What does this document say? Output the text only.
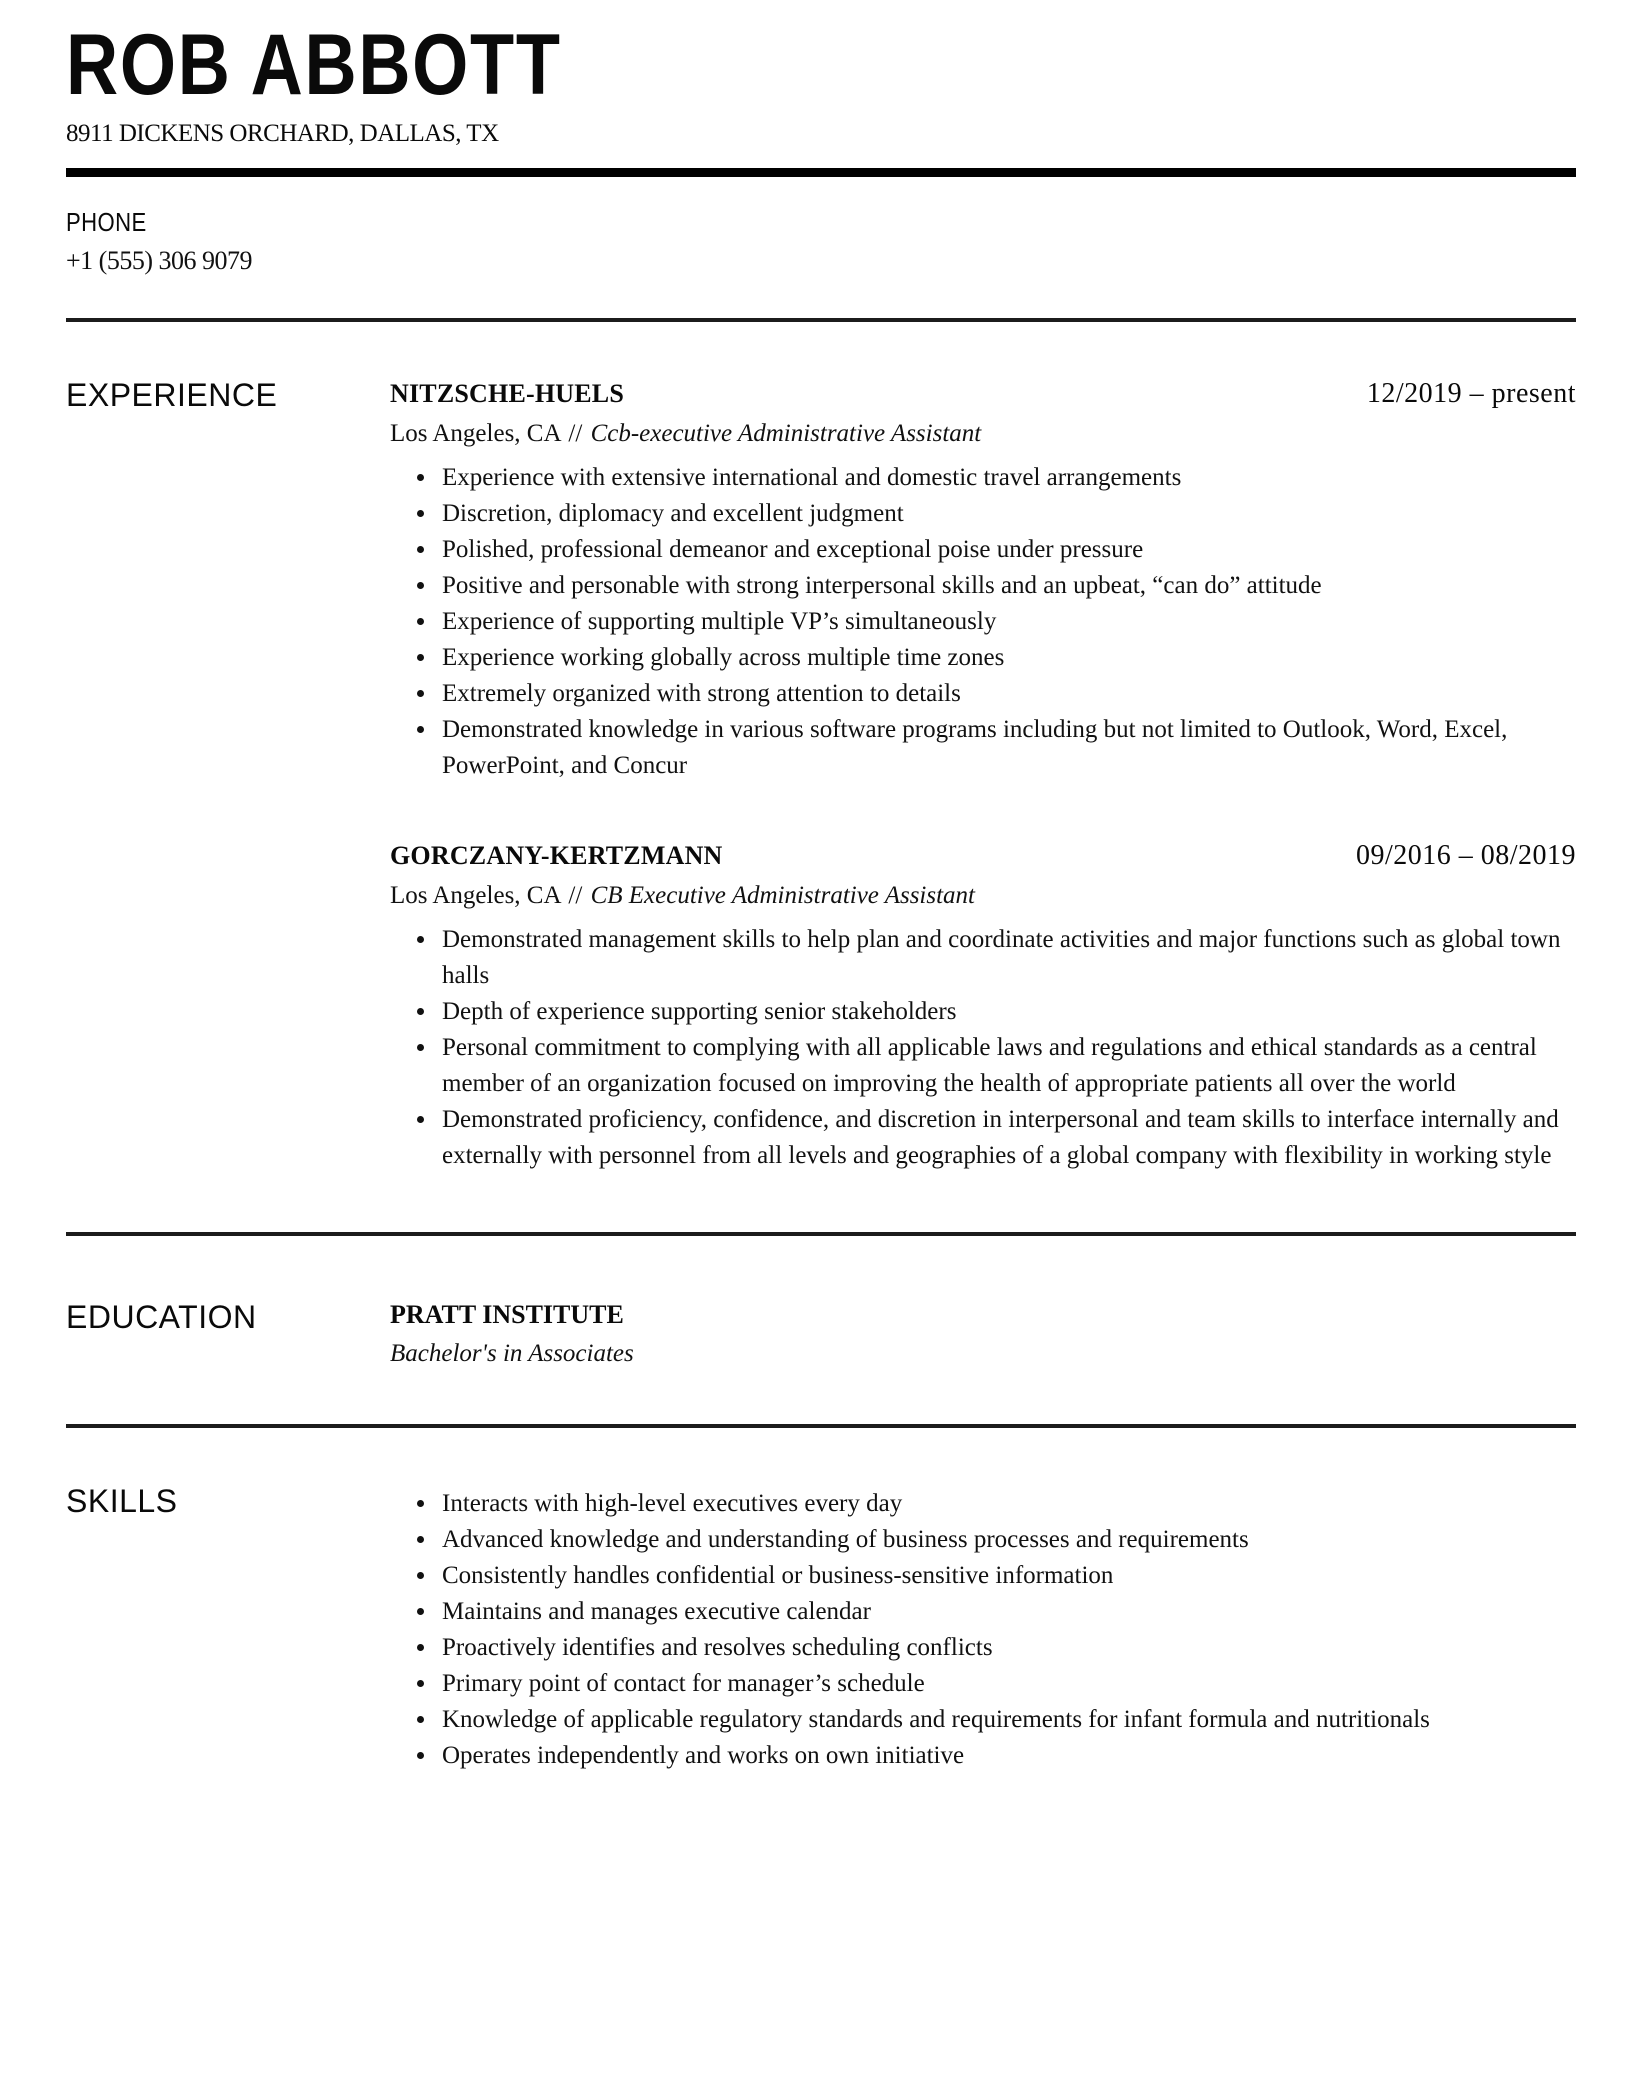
ROB ABBOTT
8911 DICKENS ORCHARD, DALLAS, TX
PHONE
+1 (555) 306 9079
EXPERIENCE	NITZSCHE-HUELS	12/2019 – present
Los Angeles, CA // Ccb-executive Administrative Assistant
• Experience with extensive international and domestic travel arrangements
• Discretion, diplomacy and excellent judgment
• Polished, professional demeanor and exceptional poise under pressure
• Positive and personable with strong interpersonal skills and an upbeat, “can do” attitude
• Experience of supporting multiple VP’s simultaneously
• Experience working globally across multiple time zones
• Extremely organized with strong attention to details
• Demonstrated knowledge in various software programs including but not limited to Outlook, Word, Excel, PowerPoint, and Concur
GORCZANY-KERTZMANN	09/2016 – 08/2019
Los Angeles, CA // CB Executive Administrative Assistant
• Demonstrated management skills to help plan and coordinate activities and major functions such as global town halls
• Depth of experience supporting senior stakeholders
• Personal commitment to complying with all applicable laws and regulations and ethical standards as a central member of an organization focused on improving the health of appropriate patients all over the world
• Demonstrated proficiency, confidence, and discretion in interpersonal and team skills to interface internally and externally with personnel from all levels and geographies of a global company with flexibility in working style
EDUCATION	PRATT INSTITUTE
Bachelor's in Associates
SKILLS	• Interacts with high-level executives every day
• Advanced knowledge and understanding of business processes and requirements
• Consistently handles confidential or business-sensitive information
• Maintains and manages executive calendar
• Proactively identifies and resolves scheduling conflicts
• Primary point of contact for manager’s schedule
• Knowledge of applicable regulatory standards and requirements for infant formula and nutritionals
• Operates independently and works on own initiative
